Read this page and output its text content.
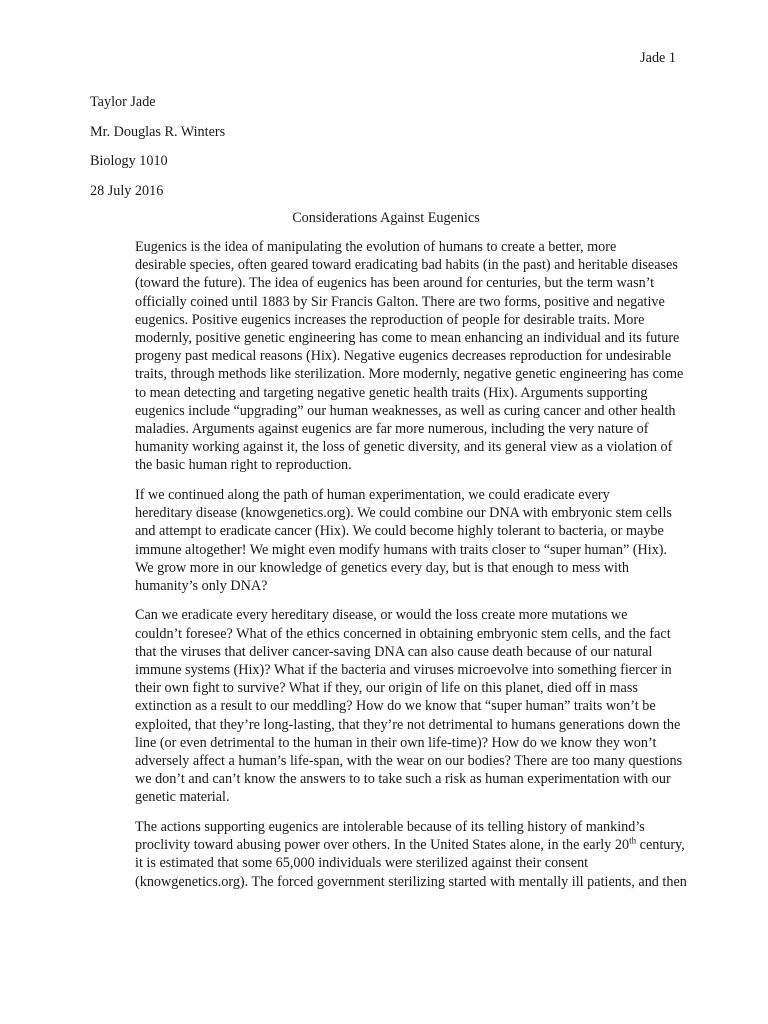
Jade 1
Taylor Jade
Mr. Douglas R. Winters
Biology 1010
28 July 2016
Considerations Against Eugenics

Eugenics is the idea of manipulating the evolution of humans to create a better, more
desirable species, often geared toward eradicating bad habits (in the past) and heritable diseases
(toward the future). The idea of eugenics has been around for centuries, but the term wasn’t
officially coined until 1883 by Sir Francis Galton. There are two forms, positive and negative
eugenics. Positive eugenics increases the reproduction of people for desirable traits. More
modernly, positive genetic engineering has come to mean enhancing an individual and its future
progeny past medical reasons (Hix). Negative eugenics decreases reproduction for undesirable
traits, through methods like sterilization. More modernly, negative genetic engineering has come
to mean detecting and targeting negative genetic health traits (Hix). Arguments supporting
eugenics include “upgrading” our human weaknesses, as well as curing cancer and other health
maladies. Arguments against eugenics are far more numerous, including the very nature of
humanity working against it, the loss of genetic diversity, and its general view as a violation of
the basic human right to reproduction.

If we continued along the path of human experimentation, we could eradicate every
hereditary disease (knowgenetics.org). We could combine our DNA with embryonic stem cells
and attempt to eradicate cancer (Hix). We could become highly tolerant to bacteria, or maybe
immune altogether! We might even modify humans with traits closer to “super human” (Hix).
We grow more in our knowledge of genetics every day, but is that enough to mess with
humanity’s only DNA?

Can we eradicate every hereditary disease, or would the loss create more mutations we
couldn’t foresee? What of the ethics concerned in obtaining embryonic stem cells, and the fact
that the viruses that deliver cancer-saving DNA can also cause death because of our natural
immune systems (Hix)? What if the bacteria and viruses microevolve into something fiercer in
their own fight to survive? What if they, our origin of life on this planet, died off in mass
extinction as a result to our meddling? How do we know that “super human” traits won’t be
exploited, that they’re long-lasting, that they’re not detrimental to humans generations down the
line (or even detrimental to the human in their own life-time)? How do we know they won’t
adversely affect a human’s life-span, with the wear on our bodies? There are too many questions
we don’t and can’t know the answers to to take such a risk as human experimentation with our
genetic material.

The actions supporting eugenics are intolerable because of its telling history of mankind’s
proclivity toward abusing power over others. In the United States alone, in the early 20th century,
it is estimated that some 65,000 individuals were sterilized against their consent
(knowgenetics.org). The forced government sterilizing started with mentally ill patients, and then
